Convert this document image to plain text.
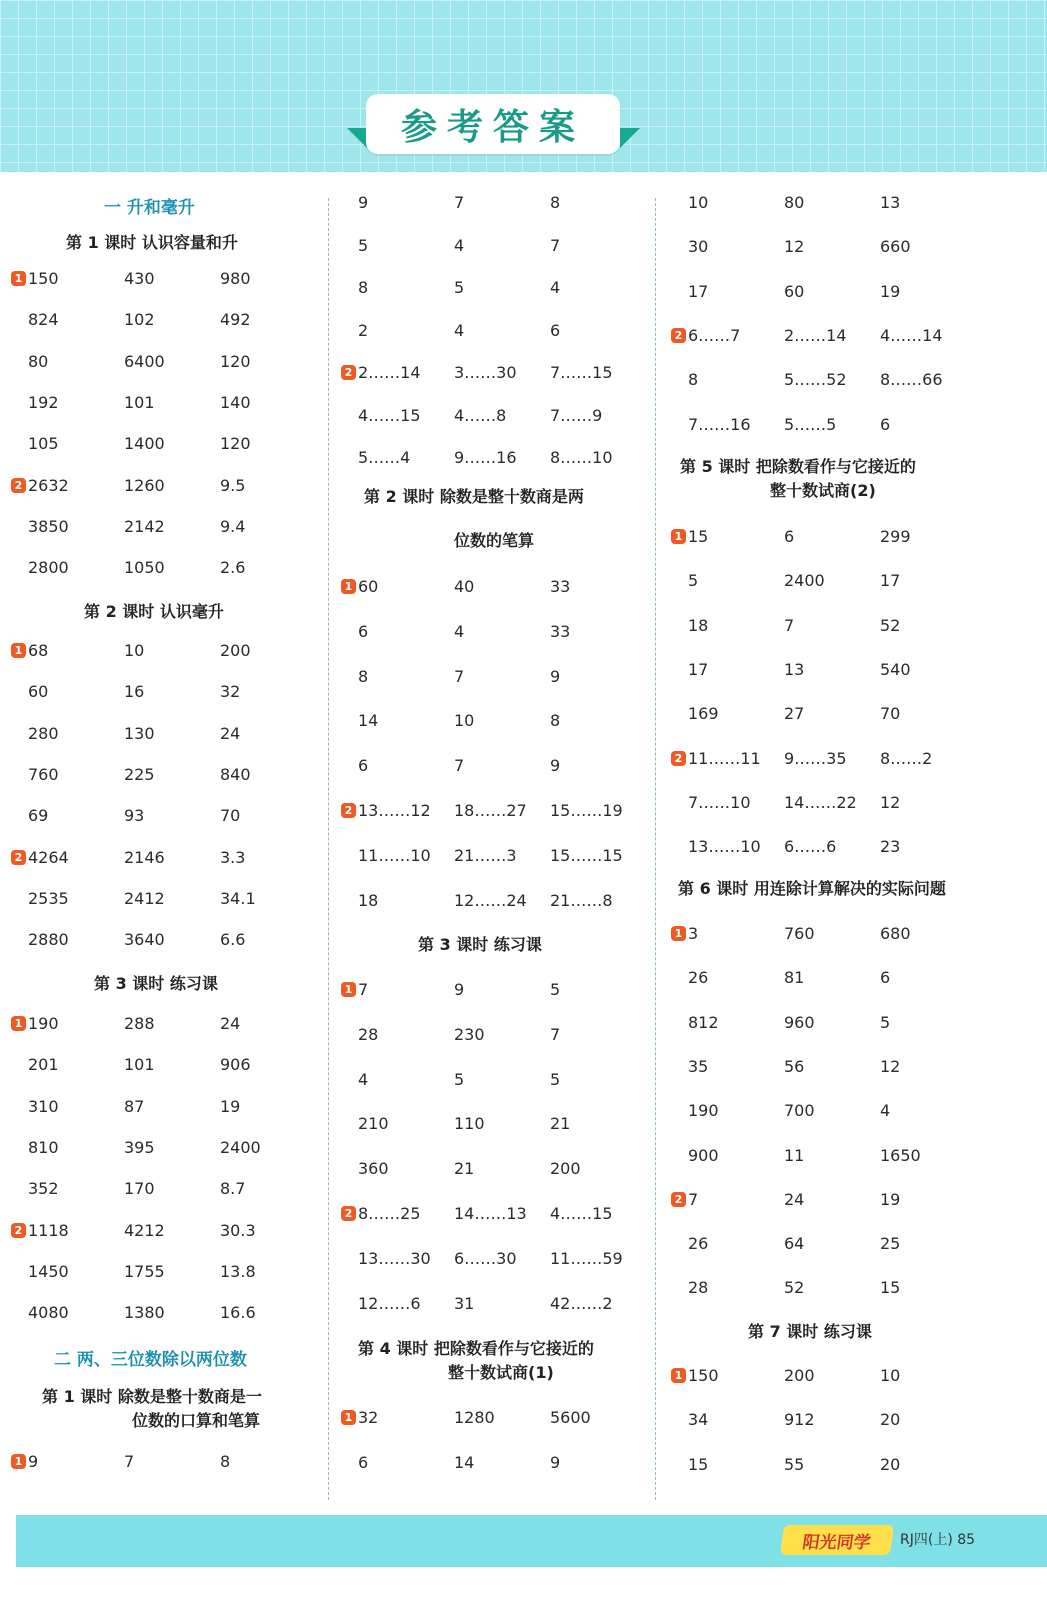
参考答案
一 升和毫升
第 1 课时 认识容量和升
第 2 课时 认识毫升
第 3 课时 练习课
二 两、三位数除以两位数
第 1 课时 除数是整十数商是一
位数的口算和笔算
1 150	430	980
824	102	492
80	6400	120
192	101	140
105	1400	120
2 2632	1260	9.5
3850	2142	9.4
2800	1050	2.6
1 68	10	200
60	16	32
280	130	24
760	225	840
69	93	70
2 4264	2146	3.3
2535	2412	34.1
2880	3640	6.6
1 190	288	24
201	101	906
310	87	19
810	395	2400
352	170	8.7
2 1118	4212	30.3
1450	1755	13.8
4080	1380	16.6
1 9	7	8
第 2 课时 除数是整十数商是两
位数的笔算
第 3 课时 练习课
第 4 课时 把除数看作与它接近的
整十数试商(1)
9	7	8
5	4	7
8	5	4
2	4	6
2 2……14 3……30 7……15
4……15 4……8	7……9
5……4	9……16 8……10
1 60	40	33
6	4	33
8	7	9
14	10	8
6	7	9
2 13……12 18……27 15……19
11……10 21……3 15……15
18	12……24 21……8
1 7	9	5
28	230	7
4	5	5
210	110	21
360	21	200
2 8……25 14……13 4……15
13……30 6……30 11……59
12……6 31	42……2
1 32	1280	5600
6	14	9
第 5 课时 把除数看作与它接近的
整十数试商(2)
第 6 课时 用连除计算解决的实际问题
第 7 课时 练习课
10	80	13
30	12	660
17	60	19
2 6……7	2……14 4……14
8	5……52 8……66
7……16 5……5	6
1 15	6	299
5	2400	17
18	7	52
17	13	540
169	27	70
2 11……11 9……35 8……2
7……10 14……22 12
13……10 6……6	23
1 3	760	680
26	81	6
812	960	5
35	56	12
190	700	4
900	11	1650
2 7	24	19
26	64	25
28	52	15
1 150	200	10
34	912	20
15	55	20
阳光同学	RJ四(上) 85
